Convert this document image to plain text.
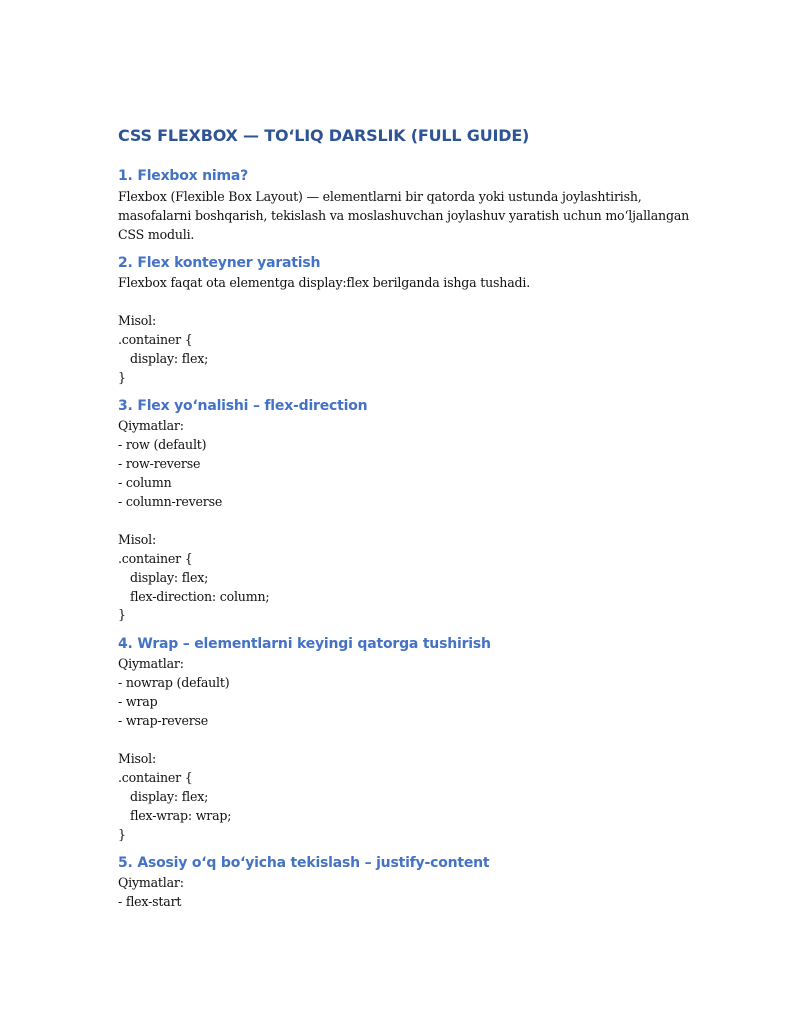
CSS FLEXBOX — TO‘LIQ DARSLIK (FULL GUIDE)
1. Flexbox nima?

Flexbox (Flexible Box Layout) — elementlarni bir qatorda yoki ustunda joylashtirish,

masofalarni boshqarish, tekislash va moslashuvchan joylashuv yaratish uchun mo‘ljallangan

CSS moduli.

2. Flex konteyner yaratish

Flexbox faqat ota elementga display:flex berilganda ishga tushadi.

Misol:

.container {

display: flex;

}

3. Flex yo‘nalishi – flex-direction

Qiymatlar:

- row (default)

- row-reverse

- column

- column-reverse

Misol:

.container {

display: flex;

flex-direction: column;

}

4. Wrap – elementlarni keyingi qatorga tushirish

Qiymatlar:

- nowrap (default)

- wrap

- wrap-reverse

Misol:

.container {

display: flex;

flex-wrap: wrap;

}

5. Asosiy o‘q bo‘yicha tekislash – justify-content

Qiymatlar:

- flex-start
